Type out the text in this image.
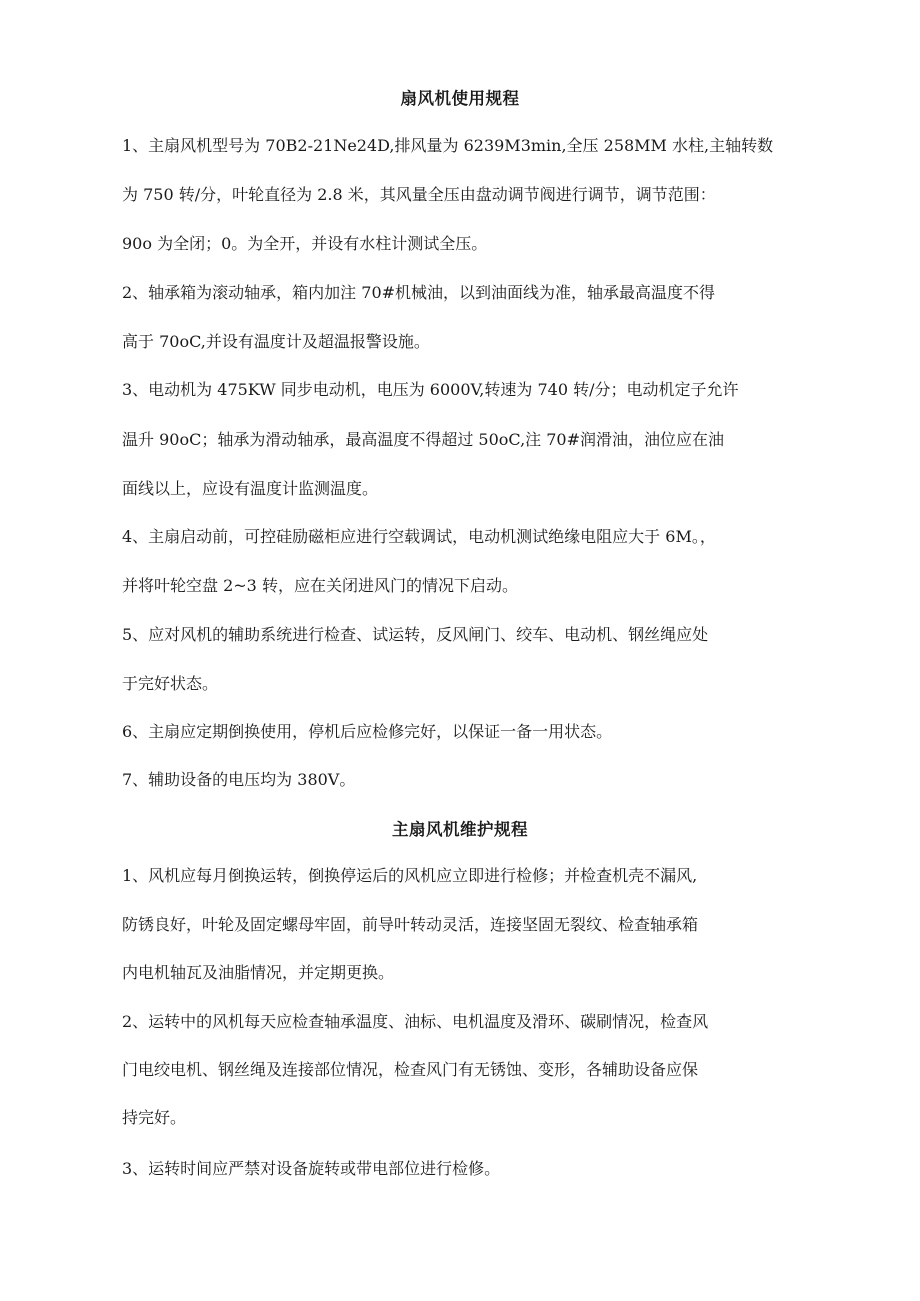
扇风机使用规程
1、主扇风机型号为 70B2-21Ne24D,排风量为 6239M3min,全压 258MM 水柱,主轴转数
为 750 转/分，叶轮直径为 2.8 米，其风量全压由盘动调节阀进行调节，调节范围：
90o 为全闭；0。为全开，并设有水柱计测试全压。
2、轴承箱为滚动轴承，箱内加注 70#机械油，以到油面线为准，轴承最高温度不得
高于 70oC,并设有温度计及超温报警设施。
3、电动机为 475KW 同步电动机，电压为 6000V,转速为 740 转/分；电动机定子允许
温升 90oC；轴承为滑动轴承，最高温度不得超过 50oC,注 70#润滑油，油位应在油
面线以上，应设有温度计监测温度。
4、主扇启动前，可控硅励磁柜应进行空载调试，电动机测试绝缘电阻应大于 6M。，
并将叶轮空盘 2~3 转，应在关闭进风门的情况下启动。
5、应对风机的辅助系统进行检查、试运转，反风闸门、绞车、电动机、钢丝绳应处
于完好状态。
6、主扇应定期倒换使用，停机后应检修完好，以保证一备一用状态。
7、辅助设备的电压均为 380V。
主扇风机维护规程
1、风机应每月倒换运转，倒换停运后的风机应立即进行检修；并检查机壳不漏风,
防锈良好，叶轮及固定螺母牢固，前导叶转动灵活，连接坚固无裂纹、检查轴承箱
内电机轴瓦及油脂情况，并定期更换。
2、运转中的风机每天应检查轴承温度、油标、电机温度及滑环、碳刷情况，检查风
门电绞电机、钢丝绳及连接部位情况，检查风门有无锈蚀、变形，各辅助设备应保
持完好。
3、运转时间应严禁对设备旋转或带电部位进行检修。
